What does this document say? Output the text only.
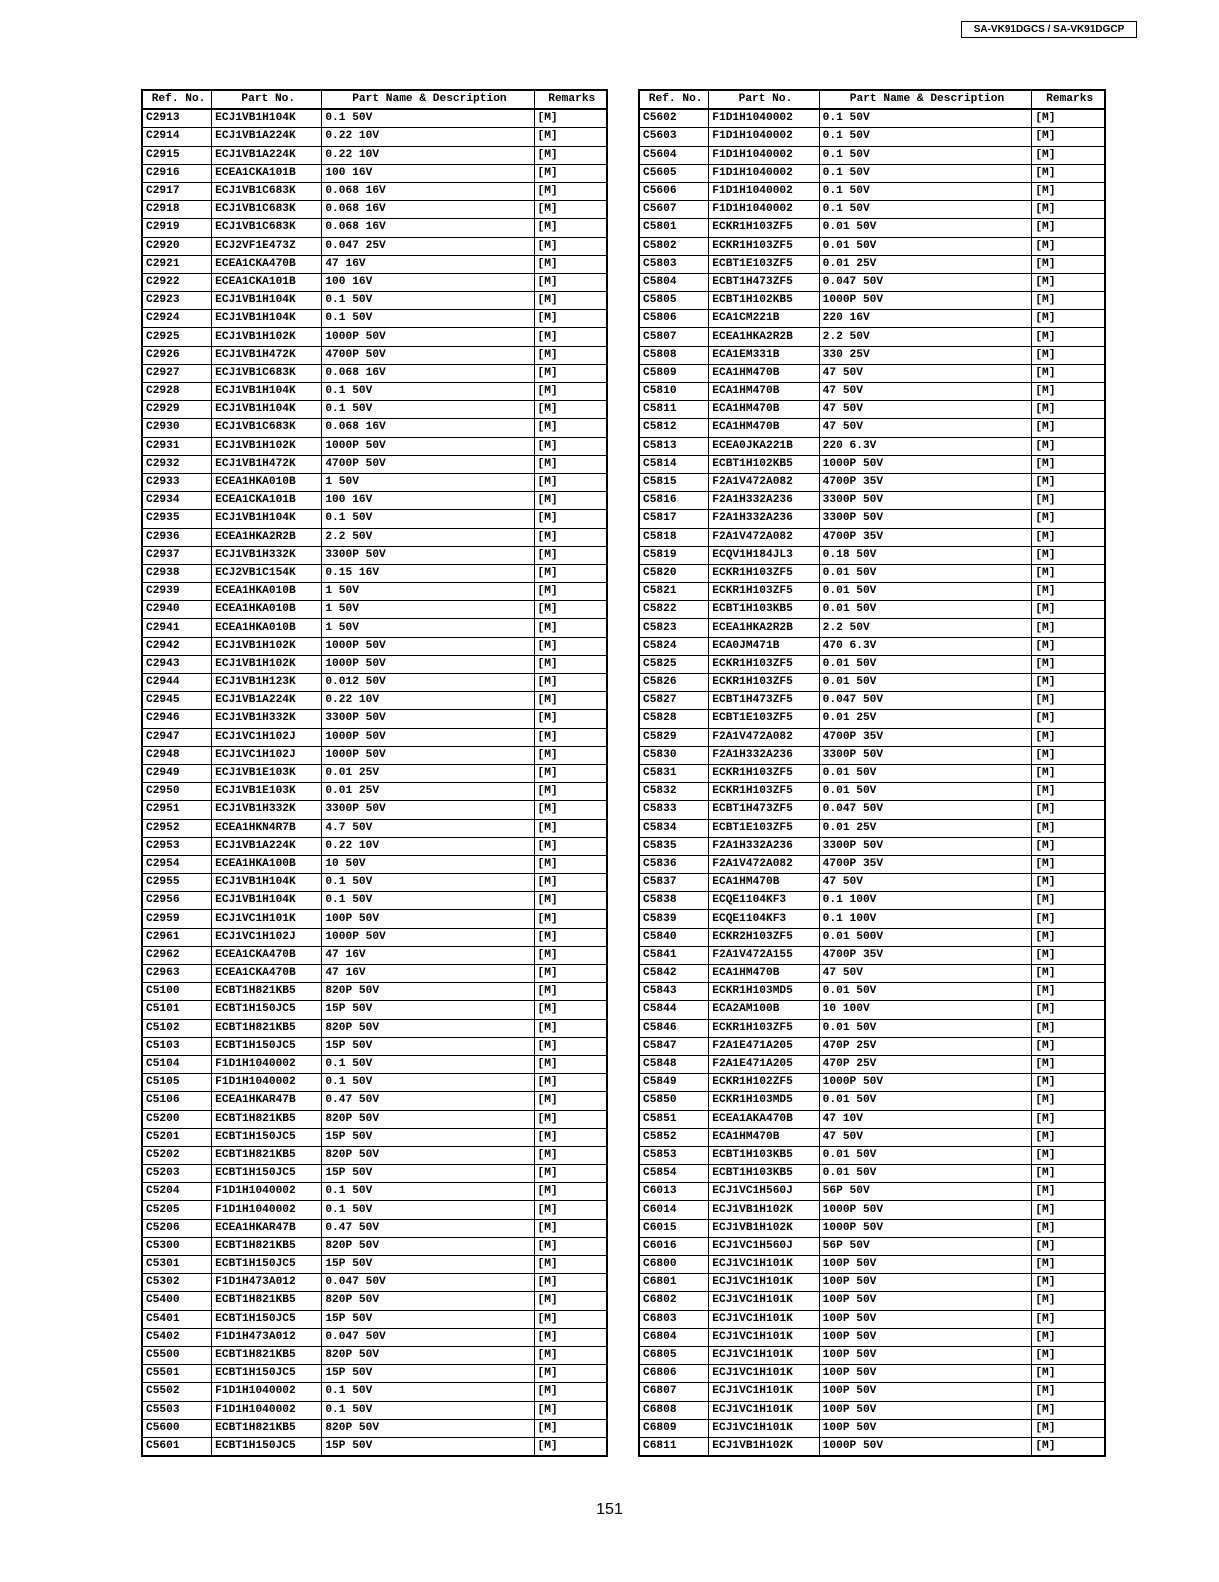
SA-VK91DGCS / SA-VK91DGCP
Ref. No.	Part No.	Part Name & Description	Remarks
C2913	ECJ1VB1H104K	0.1 50V	[M]
C2914	ECJ1VB1A224K	0.22 10V	[M]
C2915	ECJ1VB1A224K	0.22 10V	[M]
C2916	ECEA1CKA101B	100 16V	[M]
C2917	ECJ1VB1C683K	0.068 16V	[M]
C2918	ECJ1VB1C683K	0.068 16V	[M]
C2919	ECJ1VB1C683K	0.068 16V	[M]
C2920	ECJ2VF1E473Z	0.047 25V	[M]
C2921	ECEA1CKA470B	47 16V	[M]
C2922	ECEA1CKA101B	100 16V	[M]
C2923	ECJ1VB1H104K	0.1 50V	[M]
C2924	ECJ1VB1H104K	0.1 50V	[M]
C2925	ECJ1VB1H102K	1000P 50V	[M]
C2926	ECJ1VB1H472K	4700P 50V	[M]
C2927	ECJ1VB1C683K	0.068 16V	[M]
C2928	ECJ1VB1H104K	0.1 50V	[M]
C2929	ECJ1VB1H104K	0.1 50V	[M]
C2930	ECJ1VB1C683K	0.068 16V	[M]
C2931	ECJ1VB1H102K	1000P 50V	[M]
C2932	ECJ1VB1H472K	4700P 50V	[M]
C2933	ECEA1HKA010B	1 50V	[M]
C2934	ECEA1CKA101B	100 16V	[M]
C2935	ECJ1VB1H104K	0.1 50V	[M]
C2936	ECEA1HKA2R2B	2.2 50V	[M]
C2937	ECJ1VB1H332K	3300P 50V	[M]
C2938	ECJ2VB1C154K	0.15 16V	[M]
C2939	ECEA1HKA010B	1 50V	[M]
C2940	ECEA1HKA010B	1 50V	[M]
C2941	ECEA1HKA010B	1 50V	[M]
C2942	ECJ1VB1H102K	1000P 50V	[M]
C2943	ECJ1VB1H102K	1000P 50V	[M]
C2944	ECJ1VB1H123K	0.012 50V	[M]
C2945	ECJ1VB1A224K	0.22 10V	[M]
C2946	ECJ1VB1H332K	3300P 50V	[M]
C2947	ECJ1VC1H102J	1000P 50V	[M]
C2948	ECJ1VC1H102J	1000P 50V	[M]
C2949	ECJ1VB1E103K	0.01 25V	[M]
C2950	ECJ1VB1E103K	0.01 25V	[M]
C2951	ECJ1VB1H332K	3300P 50V	[M]
C2952	ECEA1HKN4R7B	4.7 50V	[M]
C2953	ECJ1VB1A224K	0.22 10V	[M]
C2954	ECEA1HKA100B	10 50V	[M]
C2955	ECJ1VB1H104K	0.1 50V	[M]
C2956	ECJ1VB1H104K	0.1 50V	[M]
C2959	ECJ1VC1H101K	100P 50V	[M]
C2961	ECJ1VC1H102J	1000P 50V	[M]
C2962	ECEA1CKA470B	47 16V	[M]
C2963	ECEA1CKA470B	47 16V	[M]
C5100	ECBT1H821KB5	820P 50V	[M]
C5101	ECBT1H150JC5	15P 50V	[M]
C5102	ECBT1H821KB5	820P 50V	[M]
C5103	ECBT1H150JC5	15P 50V	[M]
C5104	F1D1H1040002	0.1 50V	[M]
C5105	F1D1H1040002	0.1 50V	[M]
C5106	ECEA1HKAR47B	0.47 50V	[M]
C5200	ECBT1H821KB5	820P 50V	[M]
C5201	ECBT1H150JC5	15P 50V	[M]
C5202	ECBT1H821KB5	820P 50V	[M]
C5203	ECBT1H150JC5	15P 50V	[M]
C5204	F1D1H1040002	0.1 50V	[M]
C5205	F1D1H1040002	0.1 50V	[M]
C5206	ECEA1HKAR47B	0.47 50V	[M]
C5300	ECBT1H821KB5	820P 50V	[M]
C5301	ECBT1H150JC5	15P 50V	[M]
C5302	F1D1H473A012	0.047 50V	[M]
C5400	ECBT1H821KB5	820P 50V	[M]
C5401	ECBT1H150JC5	15P 50V	[M]
C5402	F1D1H473A012	0.047 50V	[M]
C5500	ECBT1H821KB5	820P 50V	[M]
C5501	ECBT1H150JC5	15P 50V	[M]
C5502	F1D1H1040002	0.1 50V	[M]
C5503	F1D1H1040002	0.1 50V	[M]
C5600	ECBT1H821KB5	820P 50V	[M]
C5601	ECBT1H150JC5	15P 50V	[M]
Ref. No.	Part No.	Part Name & Description	Remarks
C5602	F1D1H1040002	0.1 50V	[M]
C5603	F1D1H1040002	0.1 50V	[M]
C5604	F1D1H1040002	0.1 50V	[M]
C5605	F1D1H1040002	0.1 50V	[M]
C5606	F1D1H1040002	0.1 50V	[M]
C5607	F1D1H1040002	0.1 50V	[M]
C5801	ECKR1H103ZF5	0.01 50V	[M]
C5802	ECKR1H103ZF5	0.01 50V	[M]
C5803	ECBT1E103ZF5	0.01 25V	[M]
C5804	ECBT1H473ZF5	0.047 50V	[M]
C5805	ECBT1H102KB5	1000P 50V	[M]
C5806	ECA1CM221B	220 16V	[M]
C5807	ECEA1HKA2R2B	2.2 50V	[M]
C5808	ECA1EM331B	330 25V	[M]
C5809	ECA1HM470B	47 50V	[M]
C5810	ECA1HM470B	47 50V	[M]
C5811	ECA1HM470B	47 50V	[M]
C5812	ECA1HM470B	47 50V	[M]
C5813	ECEA0JKA221B	220 6.3V	[M]
C5814	ECBT1H102KB5	1000P 50V	[M]
C5815	F2A1V472A082	4700P 35V	[M]
C5816	F2A1H332A236	3300P 50V	[M]
C5817	F2A1H332A236	3300P 50V	[M]
C5818	F2A1V472A082	4700P 35V	[M]
C5819	ECQV1H184JL3	0.18 50V	[M]
C5820	ECKR1H103ZF5	0.01 50V	[M]
C5821	ECKR1H103ZF5	0.01 50V	[M]
C5822	ECBT1H103KB5	0.01 50V	[M]
C5823	ECEA1HKA2R2B	2.2 50V	[M]
C5824	ECA0JM471B	470 6.3V	[M]
C5825	ECKR1H103ZF5	0.01 50V	[M]
C5826	ECKR1H103ZF5	0.01 50V	[M]
C5827	ECBT1H473ZF5	0.047 50V	[M]
C5828	ECBT1E103ZF5	0.01 25V	[M]
C5829	F2A1V472A082	4700P 35V	[M]
C5830	F2A1H332A236	3300P 50V	[M]
C5831	ECKR1H103ZF5	0.01 50V	[M]
C5832	ECKR1H103ZF5	0.01 50V	[M]
C5833	ECBT1H473ZF5	0.047 50V	[M]
C5834	ECBT1E103ZF5	0.01 25V	[M]
C5835	F2A1H332A236	3300P 50V	[M]
C5836	F2A1V472A082	4700P 35V	[M]
C5837	ECA1HM470B	47 50V	[M]
C5838	ECQE1104KF3	0.1 100V	[M]
C5839	ECQE1104KF3	0.1 100V	[M]
C5840	ECKR2H103ZF5	0.01 500V	[M]
C5841	F2A1V472A155	4700P 35V	[M]
C5842	ECA1HM470B	47 50V	[M]
C5843	ECKR1H103MD5	0.01 50V	[M]
C5844	ECA2AM100B	10 100V	[M]
C5846	ECKR1H103ZF5	0.01 50V	[M]
C5847	F2A1E471A205	470P 25V	[M]
C5848	F2A1E471A205	470P 25V	[M]
C5849	ECKR1H102ZF5	1000P 50V	[M]
C5850	ECKR1H103MD5	0.01 50V	[M]
C5851	ECEA1AKA470B	47 10V	[M]
C5852	ECA1HM470B	47 50V	[M]
C5853	ECBT1H103KB5	0.01 50V	[M]
C5854	ECBT1H103KB5	0.01 50V	[M]
C6013	ECJ1VC1H560J	56P 50V	[M]
C6014	ECJ1VB1H102K	1000P 50V	[M]
C6015	ECJ1VB1H102K	1000P 50V	[M]
C6016	ECJ1VC1H560J	56P 50V	[M]
C6800	ECJ1VC1H101K	100P 50V	[M]
C6801	ECJ1VC1H101K	100P 50V	[M]
C6802	ECJ1VC1H101K	100P 50V	[M]
C6803	ECJ1VC1H101K	100P 50V	[M]
C6804	ECJ1VC1H101K	100P 50V	[M]
C6805	ECJ1VC1H101K	100P 50V	[M]
C6806	ECJ1VC1H101K	100P 50V	[M]
C6807	ECJ1VC1H101K	100P 50V	[M]
C6808	ECJ1VC1H101K	100P 50V	[M]
C6809	ECJ1VC1H101K	100P 50V	[M]
C6811	ECJ1VB1H102K	1000P 50V	[M]
151
